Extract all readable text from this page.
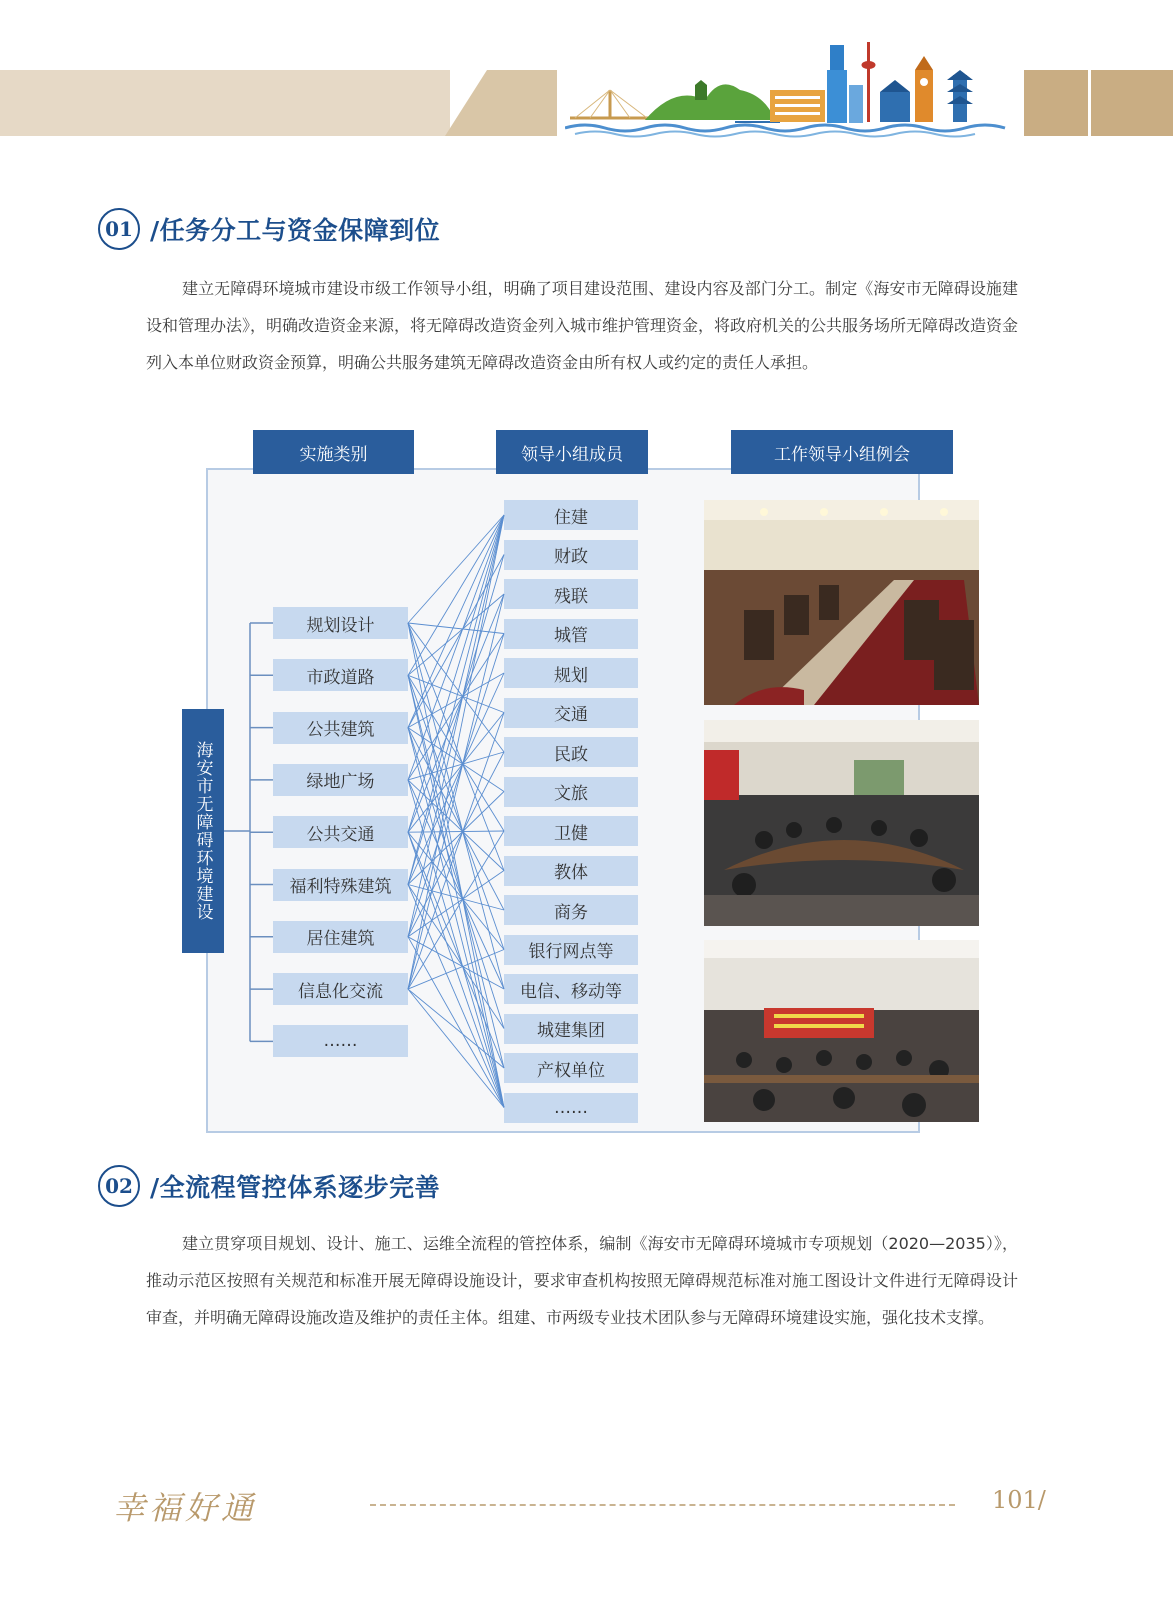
01 /任务分工与资金保障到位
建立无障碍环境城市建设市级工作领导小组，明确了项目建设范围、建设内容及部门分工。制定《海安市无障碍设施建设和管理办法》，明确改造资金来源，将无障碍改造资金列入城市维护管理资金，将政府机关的公共服务场所无障碍改造资金列入本单位财政资金预算，明确公共服务建筑无障碍改造资金由所有权人或约定的责任人承担。
实施类别	领导小组成员	工作领导小组例会
海安市无障碍环境建设
规划设计
市政道路
公共建筑
绿地广场
公共交通
福利特殊建筑
居住建筑
信息化交流
……
住建
财政
残联
城管
规划
交通
民政
文旅
卫健
教体
商务
银行网点等
电信、移动等
城建集团
产权单位
……
02 /全流程管控体系逐步完善
建立贯穿项目规划、设计、施工、运维全流程的管控体系，编制《海安市无障碍环境城市专项规划（2020—2035）》，推动示范区按照有关规范和标准开展无障碍设施设计，要求审查机构按照无障碍规范标准对施工图设计文件进行无障碍设计审查，并明确无障碍设施改造及维护的责任主体。组建、市两级专业技术团队参与无障碍环境建设实施，强化技术支撑。
幸福好通	101/
